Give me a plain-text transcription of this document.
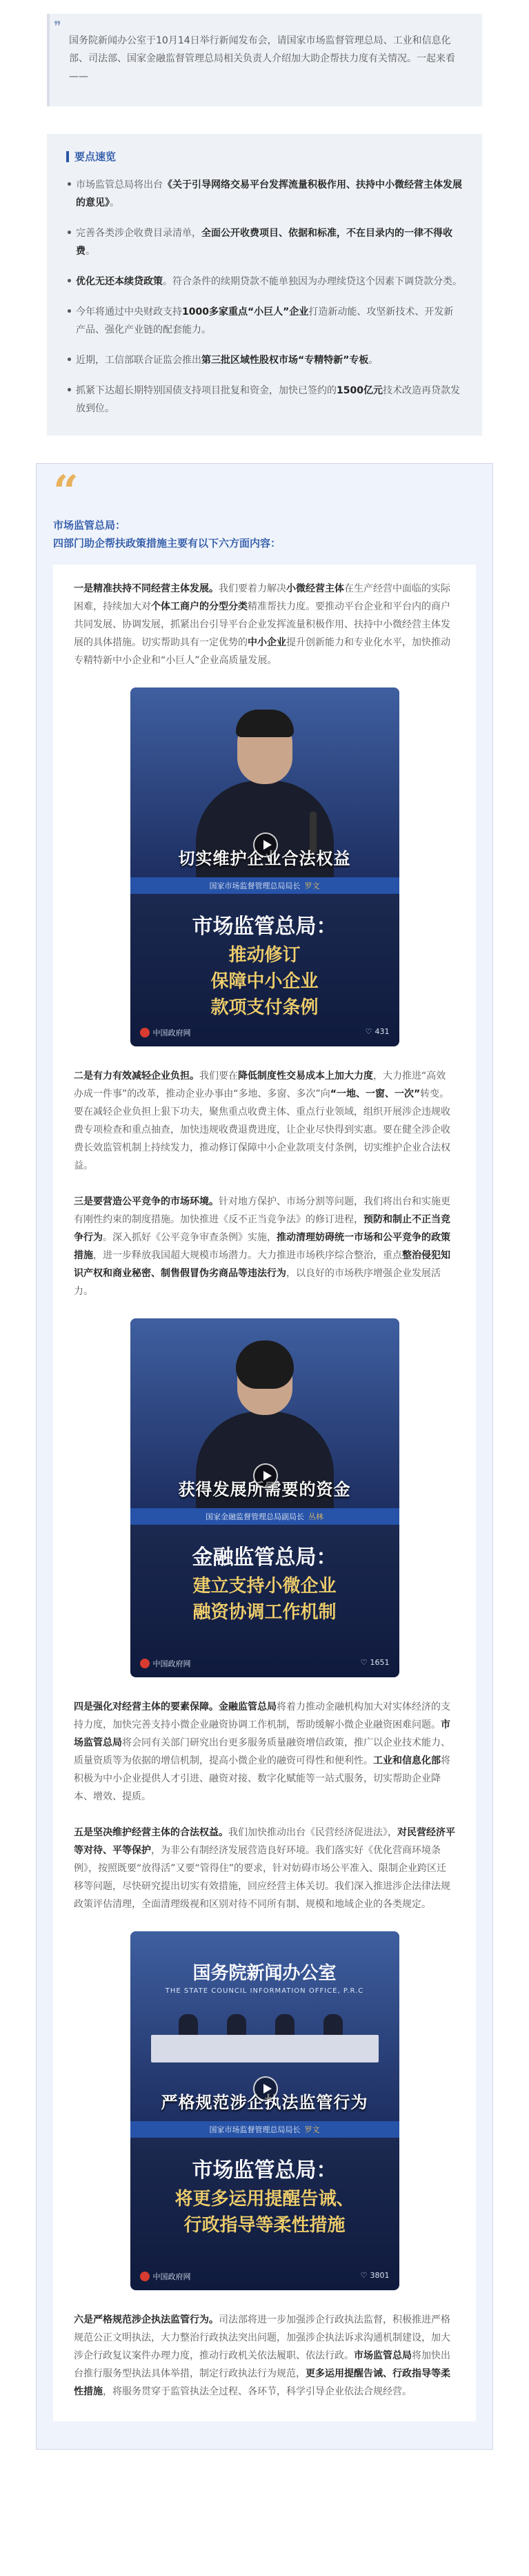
❞

国务院新闻办公室于10月14日举行新闻发布会，请国家市场监督管理总局、工业和信息化部、司法部、国家金融监督管理总局相关负责人介绍加大助企帮扶力度有关情况。一起来看——

要点速览
• 市场监管总局将出台《关于引导网络交易平台发挥流量积极作用、扶持中小微经营主体发展的意见》。
• 完善各类涉企收费目录清单，全面公开收费项目、依据和标准，不在目录内的一律不得收费。
• 优化无还本续贷政策。符合条件的续期贷款不能单独因为办理续贷这个因素下调贷款分类。
• 今年将通过中央财政支持1000多家重点“小巨人”企业打造新动能、攻坚新技术、开发新产品、强化产业链的配套能力。
• 近期，工信部联合证监会推出第三批区域性股权市场“专精特新”专板。
• 抓紧下达超长期特别国债支持项目批复和资金，加快已签约的1500亿元技术改造再贷款发放到位。
“
市场监管总局：
四部门助企帮扶政策措施主要有以下六方面内容：

一是精准扶持不同经营主体发展。我们要着力解决小微经营主体在生产经营中面临的实际困难，持续加大对个体工商户的分型分类精准帮扶力度。要推动平台企业和平台内的商户共同发展、协调发展，抓紧出台引导平台企业发挥流量积极作用、扶持中小微经营主体发展的具体措施。切实帮助具有一定优势的中小企业提升创新能力和专业化水平，加快推动专精特新中小企业和“小巨人”企业高质量发展。

切实维护企业合法权益
国家市场监督管理总局局长 罗文
市场监管总局：
推动修订
保障中小企业
款项支付条例
中国政府网	♡ 431

二是有力有效减轻企业负担。我们要在降低制度性交易成本上加大力度，大力推进“高效办成一件事”的改革，推动企业办事由“多地、多窗、多次”向“一地、一窗、一次”转变。要在减轻企业负担上狠下功夫，聚焦重点收费主体、重点行业领域，组织开展涉企违规收费专项检查和重点抽查，加快违规收费退费进度，让企业尽快得到实惠。要在健全涉企收费长效监管机制上持续发力，推动修订保障中小企业款项支付条例，切实维护企业合法权益。

三是要营造公平竞争的市场环境。针对地方保护、市场分割等问题，我们将出台和实施更有刚性约束的制度措施。加快推进《反不正当竞争法》的修订进程，预防和制止不正当竞争行为。深入抓好《公平竞争审查条例》实施，推动清理妨碍统一市场和公平竞争的政策措施，进一步释放我国超大规模市场潜力。大力推进市场秩序综合整治，重点整治侵犯知识产权和商业秘密、制售假冒伪劣商品等违法行为，以良好的市场秩序增强企业发展活力。

获得发展所需要的资金
国家金融监督管理总局副局长 丛林
金融监管总局：
建立支持小微企业
融资协调工作机制
中国政府网	♡ 1651

四是强化对经营主体的要素保障。金融监管总局将着力推动金融机构加大对实体经济的支持力度，加快完善支持小微企业融资协调工作机制，帮助缓解小微企业融资困难问题。市场监管总局将会同有关部门研究出台更多服务质量融资增信政策，推广以企业技术能力、质量资质等为依据的增信机制，提高小微企业的融资可得性和便利性。工业和信息化部将积极为中小企业提供人才引进、融资对接、数字化赋能等一站式服务，切实帮助企业降本、增效、提质。

五是坚决维护经营主体的合法权益。我们加快推动出台《民营经济促进法》，对民营经济平等对待、平等保护，为非公有制经济发展营造良好环境。我们落实好《优化营商环境条例》，按照既要“放得活”又要“管得住”的要求，针对妨碍市场公平准入、限制企业跨区迁移等问题，尽快研究提出切实有效措施，回应经营主体关切。我们深入推进涉企法律法规政策评估清理，全面清理级视和区别对待不同所有制、规模和地域企业的各类规定。

国务院新闻办公室
THE STATE COUNCIL INFORMATION OFFICE, P.R.C
严格规范涉企执法监管行为
国家市场监督管理总局局长 罗文
市场监管总局：
将更多运用提醒告诫、
行政指导等柔性措施
中国政府网	♡ 3801

六是严格规范涉企执法监管行为。司法部将进一步加强涉企行政执法监督，积极推进严格规范公正文明执法，大力整治行政执法突出问题，加强涉企执法诉求沟通机制建设，加大涉企行政复议案件办理力度，推动行政机关依法履职、依法行政。市场监管总局将加快出台推行服务型执法具体举措，制定行政执法行为规范，更多运用提醒告诫、行政指导等柔性措施，将服务贯穿于监管执法全过程、各环节，科学引导企业依法合规经营。
